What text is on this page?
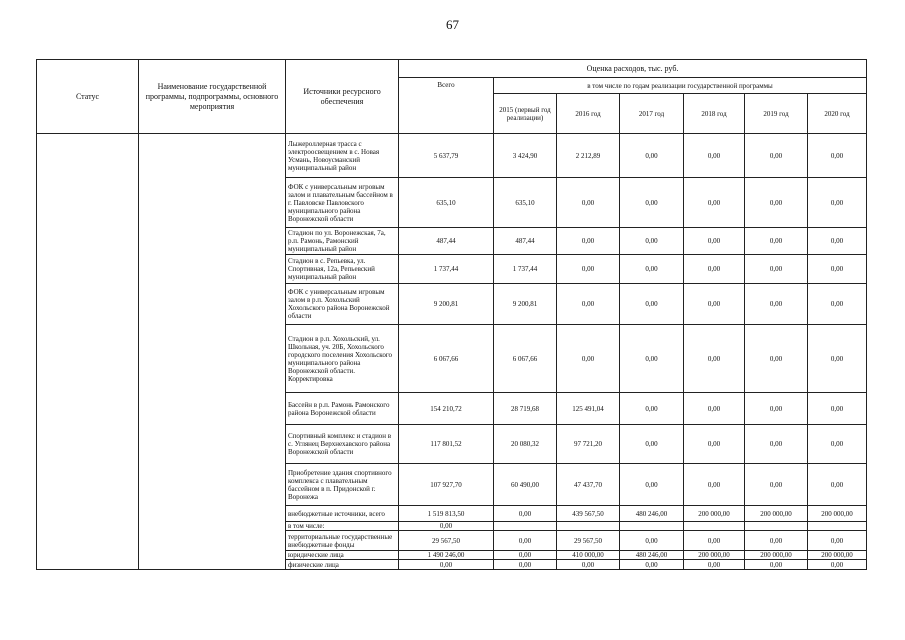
67
Статус	Наименование государственной программы, подпрограммы, основного мероприятия	Источники ресурсного обеспечения	Оценка расходов, тыс. руб.						
			Всего	в том числе по годам реализации государственной программы					
				2015 (первый год реализации)	2016 год	2017 год	2018 год	2019 год	2020 год
		Лыжероллерная трасса с электроосвещением в с. Новая Усмань, Новоусманский муниципальный район	5 637,79	3 424,90	2 212,89	0,00	0,00	0,00	0,00
		ФОК с универсальным игровым залом и плавательным бассейном в г. Павловске Павловского муниципального района Воронежской области	635,10	635,10	0,00	0,00	0,00	0,00	0,00
		Стадион по ул. Воронежская, 7а, р.п. Рамонь, Рамонский муниципальный район	487,44	487,44	0,00	0,00	0,00	0,00	0,00
		Стадион в с. Репьевка, ул. Спортивная, 12а, Репьевский муниципальный район	1 737,44	1 737,44	0,00	0,00	0,00	0,00	0,00
		ФОК с универсальным игровым залом в р.п. Хохольский Хохольского района Воронежской области	9 200,81	9 200,81	0,00	0,00	0,00	0,00	0,00
		Стадион в р.п. Хохольский, ул. Школьная, уч. 20Б, Хохольского городского поселения Хохольского муниципального района Воронежской области. Корректировка	6 067,66	6 067,66	0,00	0,00	0,00	0,00	0,00
		Бассейн в р.п. Рамонь Рамонского района Воронежской области	154 210,72	28 719,68	125 491,04	0,00	0,00	0,00	0,00
		Спортивный комплекс и стадион в с. Углянец Верхнехавского района Воронежской области	117 801,52	20 080,32	97 721,20	0,00	0,00	0,00	0,00
		Приобретение здания спортивного комплекса с плавательным бассейном в п. Придонской г. Воронежа	107 927,70	60 490,00	47 437,70	0,00	0,00	0,00	0,00
		внебюджетные источники, всего	1 519 813,50	0,00	439 567,50	480 246,00	200 000,00	200 000,00	200 000,00
		в том числе:	0,00						
		территориальные государственные внебюджетные фонды	29 567,50	0,00	29 567,50	0,00	0,00	0,00	0,00
		юридические лица	1 490 246,00	0,00	410 000,00	480 246,00	200 000,00	200 000,00	200 000,00
		физические лица	0,00	0,00	0,00	0,00	0,00	0,00	0,00
